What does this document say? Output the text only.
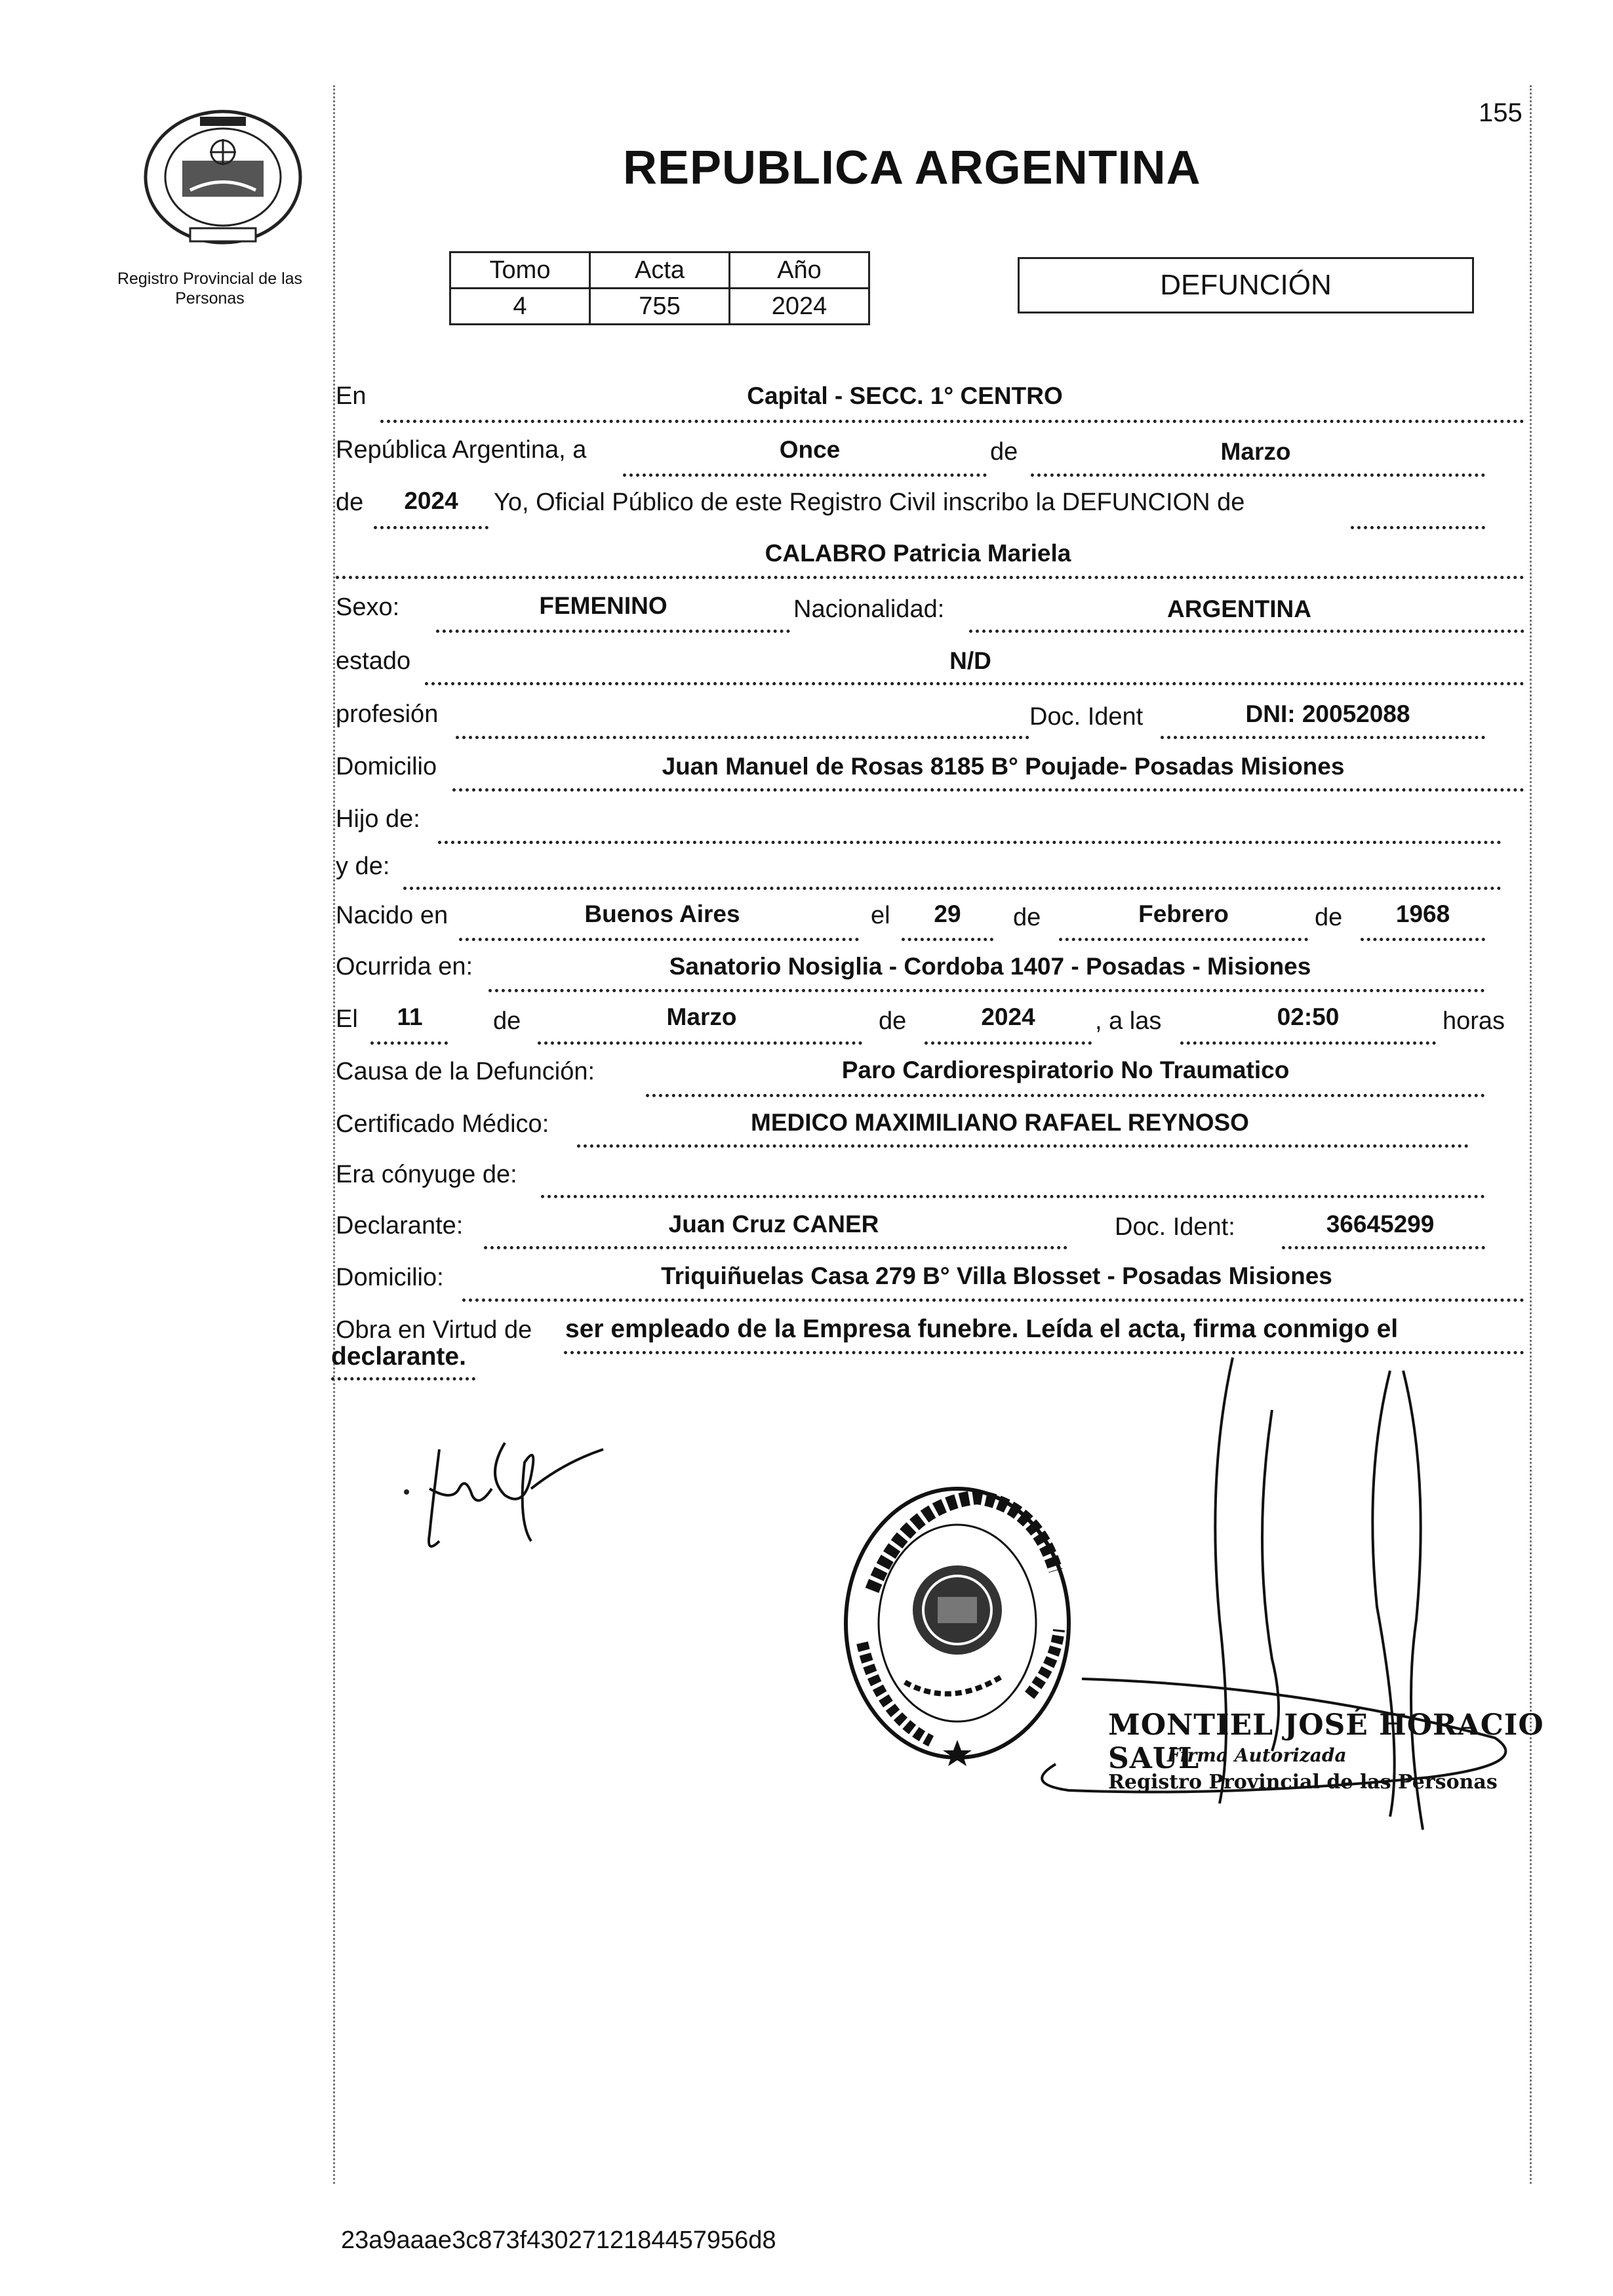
155
Registro Provincial de las Personas
REPUBLICA ARGENTINA
Tomo	Acta	Año
4	755	2024
DEFUNCIÓN
En	Capital - SECC. 1° CENTRO
República Argentina, a	Once	de	Marzo
de	2024	Yo, Oficial Público de este Registro Civil inscribo la DEFUNCION de
CALABRO Patricia Mariela
Sexo:	FEMENINO	Nacionalidad:	ARGENTINA
estado	N/D
profesión	Doc. Ident	DNI: 20052088
Domicilio	Juan Manuel de Rosas 8185 B° Poujade- Posadas Misiones
Hijo de:
y de:
Nacido en	Buenos Aires	el	29	de	Febrero	de	1968
Ocurrida en:	Sanatorio Nosiglia - Cordoba 1407 - Posadas - Misiones
El	11	de	Marzo	de	2024	, a las	02:50	horas
Causa de la Defunción:	Paro Cardiorespiratorio No Traumatico
Certificado Médico:	MEDICO MAXIMILIANO RAFAEL REYNOSO
Era cónyuge de:
Declarante:	Juan Cruz CANER	Doc. Ident:	36645299
Domicilio:	Triquiñuelas Casa 279 B° Villa Blosset - Posadas Misiones
Obra en Virtud de ser empleado de la Empresa funebre. Leída el acta, firma conmigo el
declarante.
MONTIEL JOSÉ HORACIO SAUL
Firma Autorizada
Registro Provincial de las Personas
23a9aaae3c873f4302712184457956d8
